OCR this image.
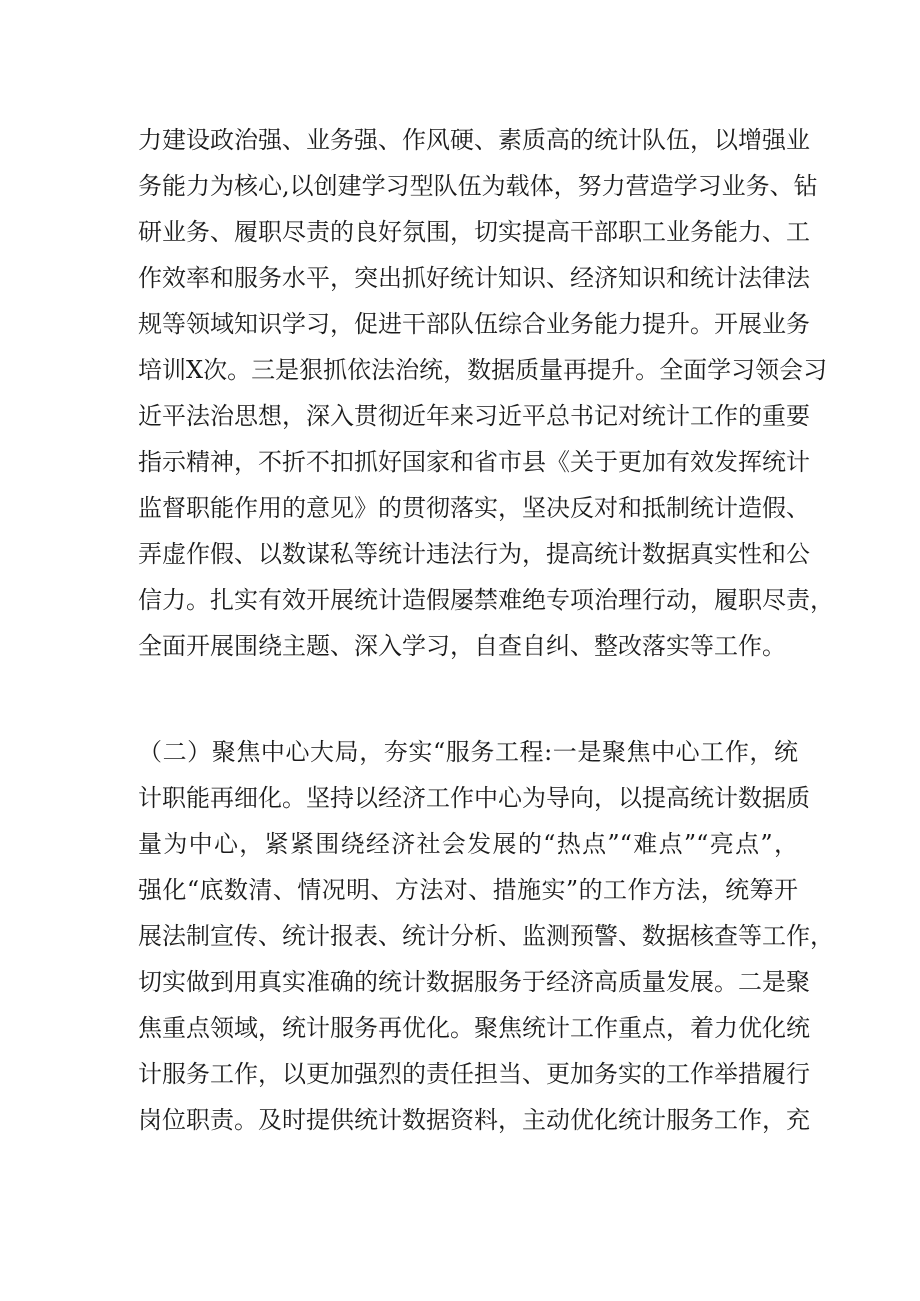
力建设政治强、业务强、作风硬、素质高的统计队伍，以增强业
务能力为核心,以创建学习型队伍为载体，努力营造学习业务、钻
研业务、履职尽责的良好氛围，切实提高干部职工业务能力、工
作效率和服务水平，突出抓好统计知识、经济知识和统计法律法
规等领域知识学习，促进干部队伍综合业务能力提升。开展业务
培训X次。三是狠抓依法治统，数据质量再提升。全面学习领会习
近平法治思想，深入贯彻近年来习近平总书记对统计工作的重要
指示精神，不折不扣抓好国家和省市县《关于更加有效发挥统计
监督职能作用的意见》的贯彻落实，坚决反对和抵制统计造假、
弄虚作假、以数谋私等统计违法行为，提高统计数据真实性和公
信力。扎实有效开展统计造假屡禁难绝专项治理行动，履职尽责，
全面开展围绕主题、深入学习，自查自纠、整改落实等工作。
（二）聚焦中心大局，夯实“服务工程:一是聚焦中心工作，统
计职能再细化。坚持以经济工作中心为导向，以提高统计数据质
量为中心，紧紧围绕经济社会发展的“热点”“难点”“亮点”，
强化“底数清、情况明、方法对、措施实”的工作方法，统筹开
展法制宣传、统计报表、统计分析、监测预警、数据核查等工作，
切实做到用真实准确的统计数据服务于经济高质量发展。二是聚
焦重点领域，统计服务再优化。聚焦统计工作重点，着力优化统
计服务工作，以更加强烈的责任担当、更加务实的工作举措履行
岗位职责。及时提供统计数据资料，主动优化统计服务工作，充
